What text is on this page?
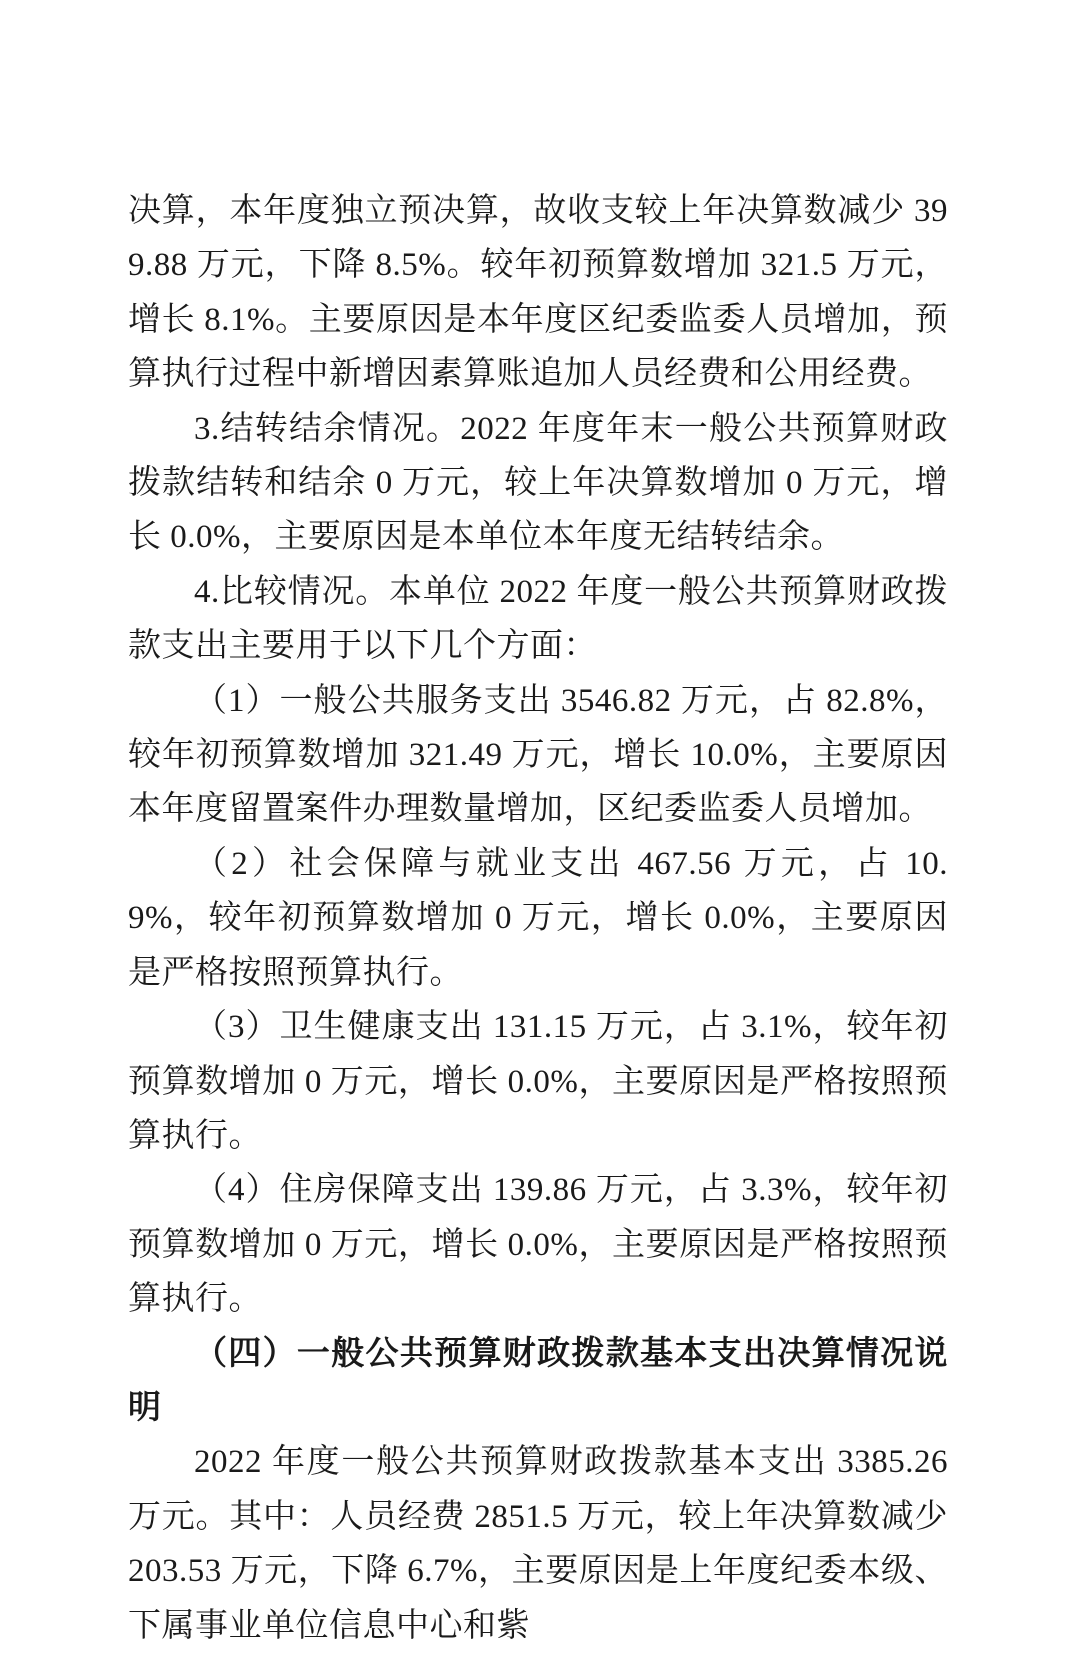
决算，本年度独立预决算，故收支较上年决算数减少 399.88 万元，下降 8.5%。较年初预算数增加 321.5 万元，增长 8.1%。主要原因是本年度区纪委监委人员增加，预算执行过程中新增因素算账追加人员经费和公用经费。

3.结转结余情况。2022 年度年末一般公共预算财政拨款结转和结余 0 万元，较上年决算数增加 0 万元，增长 0.0%，主要原因是本单位本年度无结转结余。

4.比较情况。本单位 2022 年度一般公共预算财政拨款支出主要用于以下几个方面：

（1）一般公共服务支出 3546.82 万元，占 82.8%，较年初预算数增加 321.49 万元，增长 10.0%，主要原因本年度留置案件办理数量增加，区纪委监委人员增加。

（2）社会保障与就业支出 467.56 万元，占 10.9%，较年初预算数增加 0 万元，增长 0.0%，主要原因是严格按照预算执行。

（3）卫生健康支出 131.15 万元，占 3.1%，较年初预算数增加 0 万元，增长 0.0%，主要原因是严格按照预算执行。

（4）住房保障支出 139.86 万元，占 3.3%，较年初预算数增加 0 万元，增长 0.0%，主要原因是严格按照预算执行。

（四）一般公共预算财政拨款基本支出决算情况说明

2022 年度一般公共预算财政拨款基本支出 3385.26 万元。其中：人员经费 2851.5 万元，较上年决算数减少 203.53 万元，下降 6.7%，主要原因是上年度纪委本级、下属事业单位信息中心和紫
